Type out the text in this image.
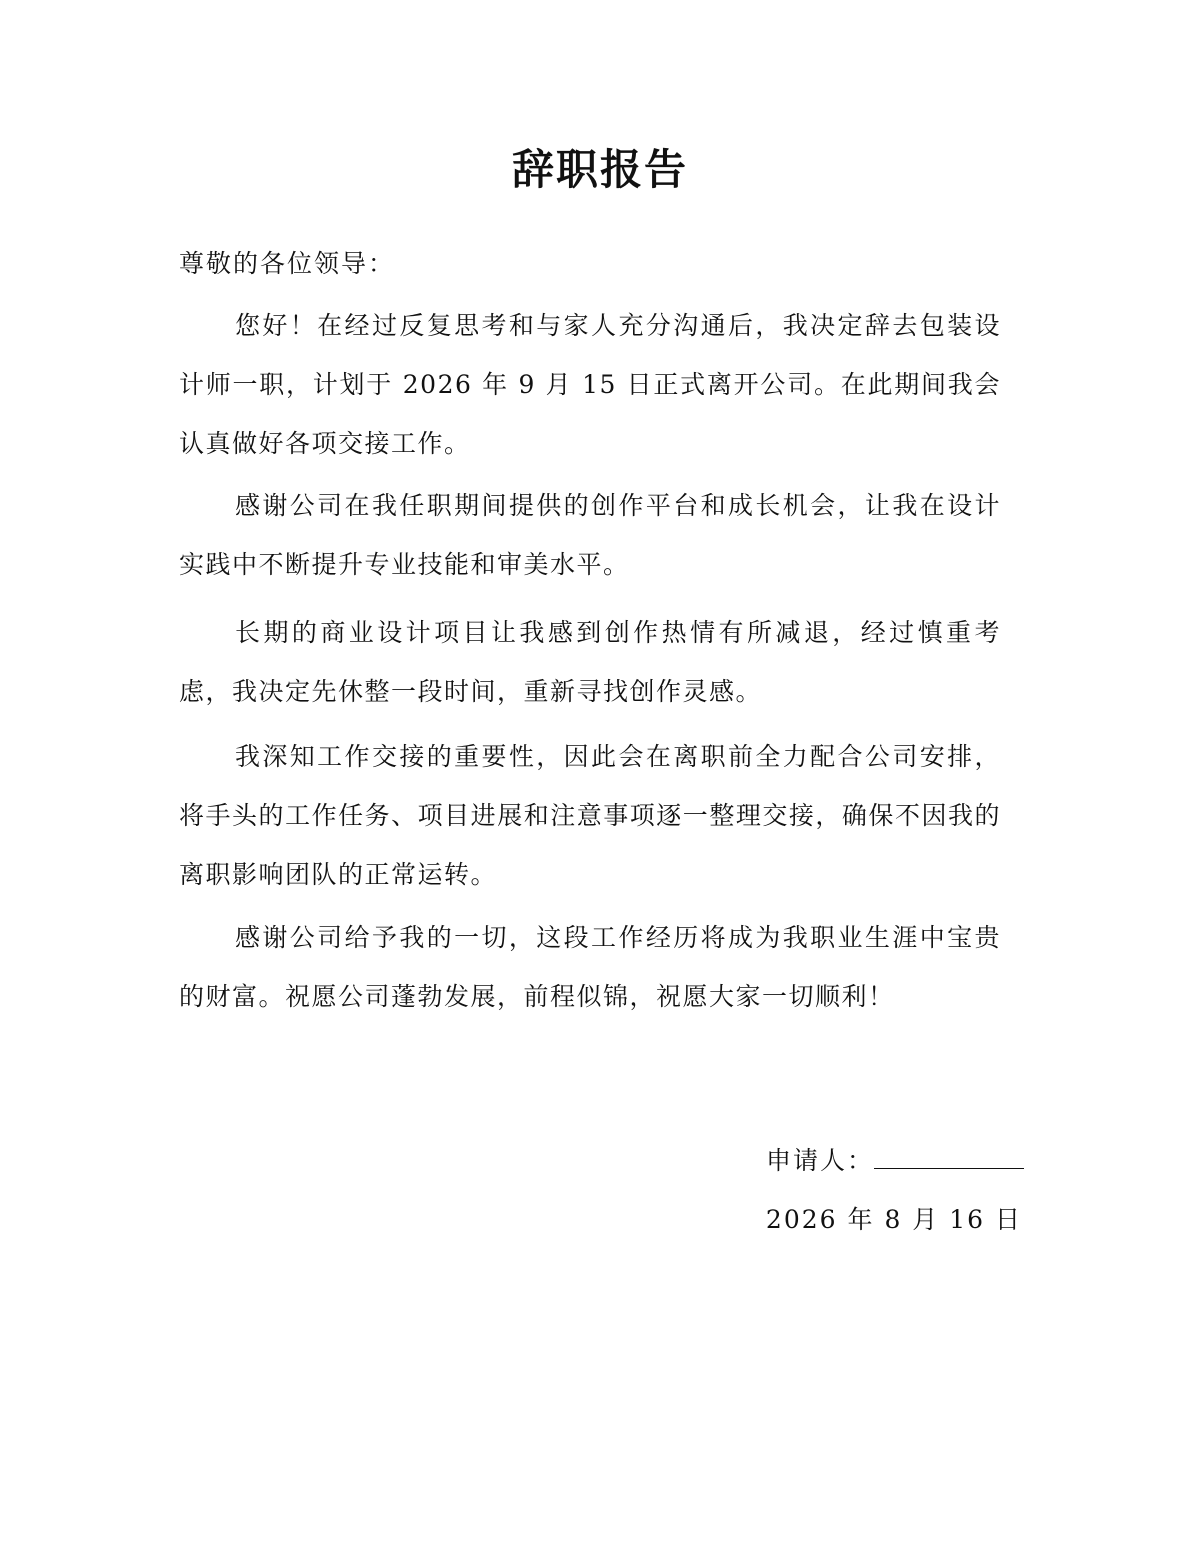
辞职报告
尊敬的各位领导：
您好！在经过反复思考和与家人充分沟通后，我决定辞去包装设计师一职，计划于 2026 年 9 月 15 日正式离开公司。在此期间我会认真做好各项交接工作。
感谢公司在我任职期间提供的创作平台和成长机会，让我在设计实践中不断提升专业技能和审美水平。
长期的商业设计项目让我感到创作热情有所减退，经过慎重考虑，我决定先休整一段时间，重新寻找创作灵感。
我深知工作交接的重要性，因此会在离职前全力配合公司安排，将手头的工作任务、项目进展和注意事项逐一整理交接，确保不因我的离职影响团队的正常运转。
感谢公司给予我的一切，这段工作经历将成为我职业生涯中宝贵的财富。祝愿公司蓬勃发展，前程似锦，祝愿大家一切顺利！
申请人：
2026 年 8 月 16 日
